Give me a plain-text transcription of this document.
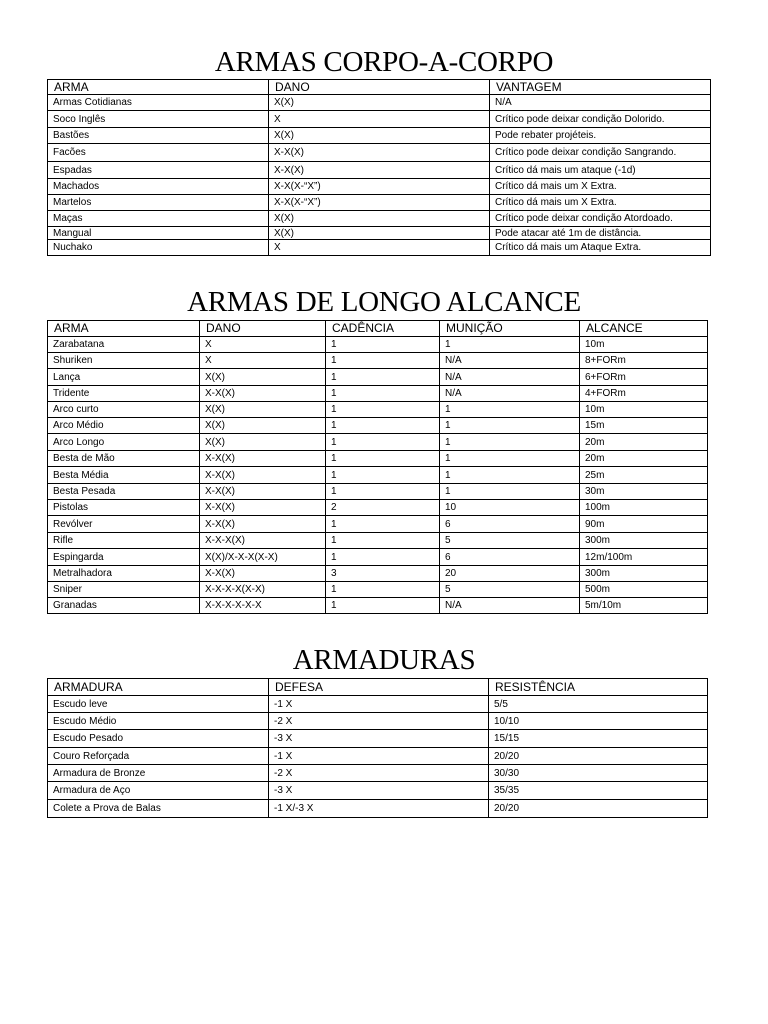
ARMAS CORPO-A-CORPO
ARMA	DANO	VANTAGEM
Armas Cotidianas	X(X)	N/A
Soco Inglês	X	Crítico pode deixar condição Dolorido.
Bastões	X(X)	Pode rebater projéteis.
Facões	X-X(X)	Crítico pode deixar condição Sangrando.
Espadas	X-X(X)	Crítico dá mais um ataque (-1d)
Machados	X-X(X-“X”)	Crítico dá mais um X Extra.
Martelos	X-X(X-“X”)	Crítico dá mais um X Extra.
Maças	X(X)	Crítico pode deixar condição Atordoado.
Mangual	X(X)	Pode atacar até 1m de distância.
Nuchako	X	Crítico dá mais um Ataque Extra.
ARMAS DE LONGO ALCANCE
ARMA	DANO	CADÊNCIA	MUNIÇÃO	ALCANCE
Zarabatana	X	1	1	10m
Shuriken	X	1	N/A	8+FORm
Lança	X(X)	1	N/A	6+FORm
Tridente	X-X(X)	1	N/A	4+FORm
Arco curto	X(X)	1	1	10m
Arco Médio	X(X)	1	1	15m
Arco Longo	X(X)	1	1	20m
Besta de Mão	X-X(X)	1	1	20m
Besta Média	X-X(X)	1	1	25m
Besta Pesada	X-X(X)	1	1	30m
Pistolas	X-X(X)	2	10	100m
Revólver	X-X(X)	1	6	90m
Rifle	X-X-X(X)	1	5	300m
Espingarda	X(X)/X-X-X(X-X)	1	6	12m/100m
Metralhadora	X-X(X)	3	20	300m
Sniper	X-X-X-X(X-X)	1	5	500m
Granadas	X-X-X-X-X-X	1	N/A	5m/10m
ARMADURAS
ARMADURA	DEFESA	RESISTÊNCIA
Escudo leve	-1 X	5/5
Escudo Médio	-2 X	10/10
Escudo Pesado	-3 X	15/15
Couro Reforçada	-1 X	20/20
Armadura de Bronze	-2 X	30/30
Armadura de Aço	-3 X	35/35
Colete a Prova de Balas	-1 X/-3 X	20/20
